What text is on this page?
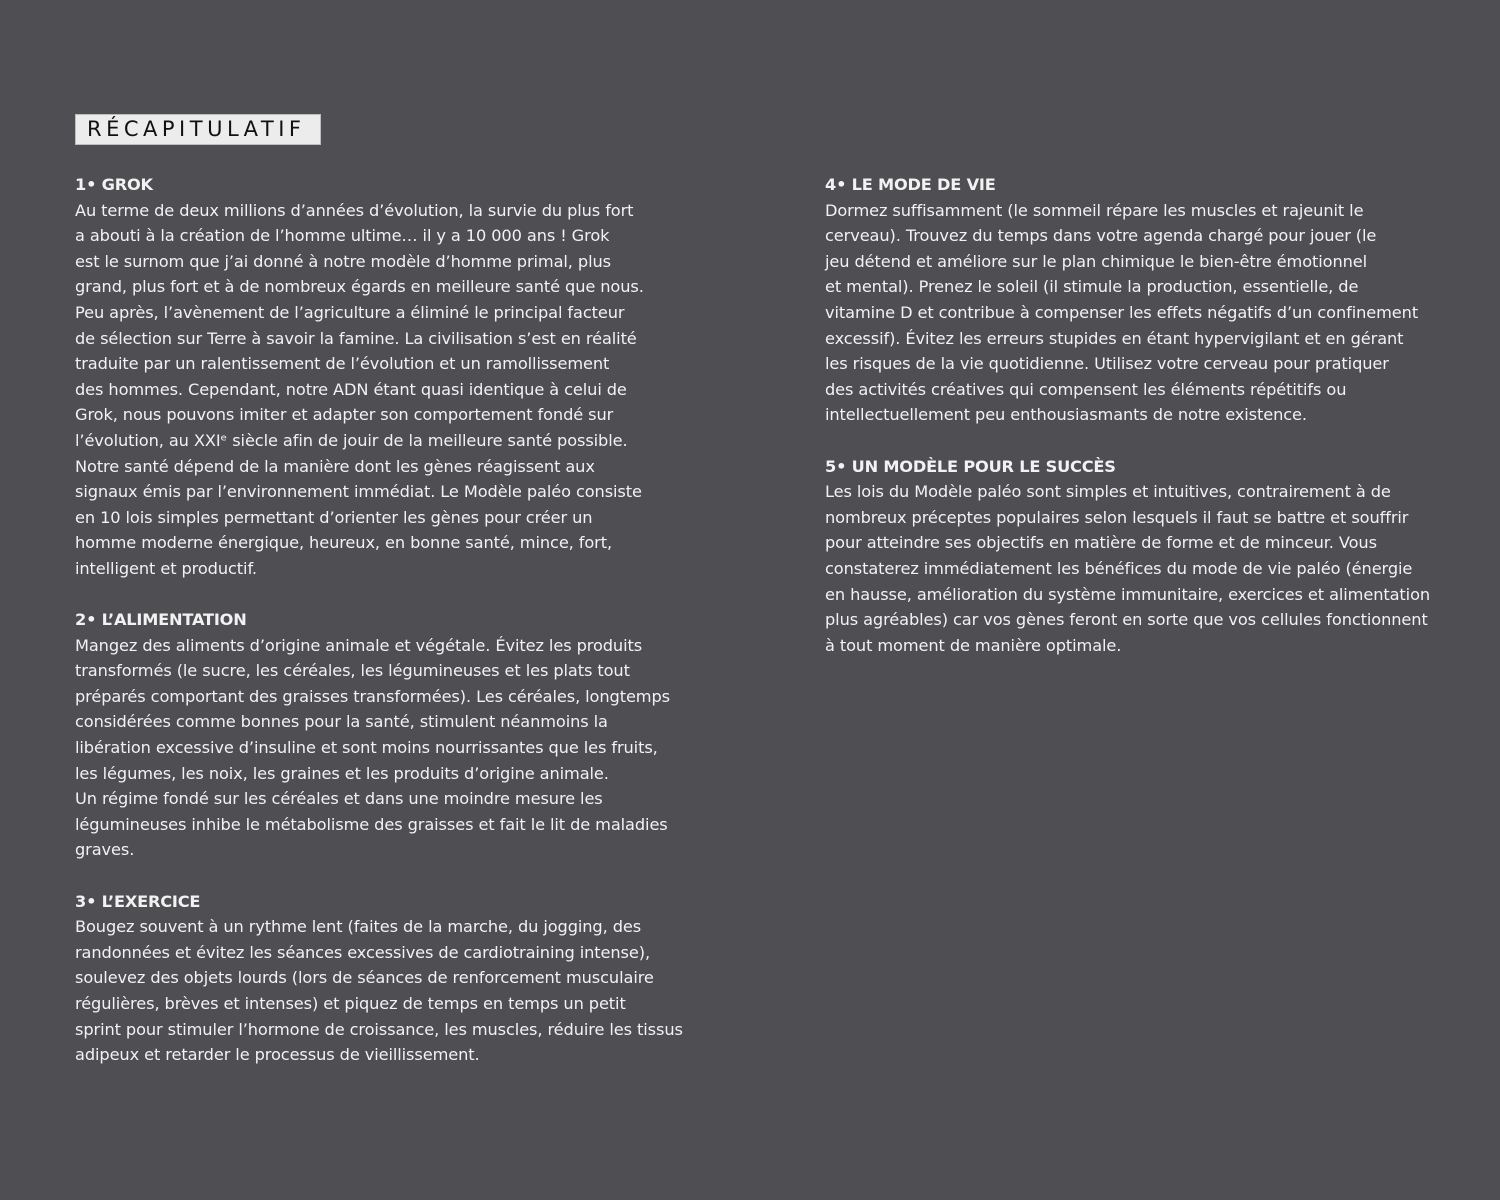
RÉCAPITULATIF
1• GROK

Au terme de deux millions d’années d’évolution, la survie du plus fort

a abouti à la création de l’homme ultime… il y a 10 000 ans ! Grok

est le surnom que j’ai donné à notre modèle d’homme primal, plus

grand, plus fort et à de nombreux égards en meilleure santé que nous.

Peu après, l’avènement de l’agriculture a éliminé le principal facteur

de sélection sur Terre à savoir la famine. La civilisation s’est en réalité

traduite par un ralentissement de l’évolution et un ramollissement

des hommes. Cependant, notre ADN étant quasi identique à celui de

Grok, nous pouvons imiter et adapter son comportement fondé sur

l’évolution, au XXIᵉ siècle afin de jouir de la meilleure santé possible.

Notre santé dépend de la manière dont les gènes réagissent aux

signaux émis par l’environnement immédiat. Le Modèle paléo consiste

en 10 lois simples permettant d’orienter les gènes pour créer un

homme moderne énergique, heureux, en bonne santé, mince, fort,

intelligent et productif.

2• L’ALIMENTATION

Mangez des aliments d’origine animale et végétale. Évitez les produits

transformés (le sucre, les céréales, les légumineuses et les plats tout

préparés comportant des graisses transformées). Les céréales, longtemps

considérées comme bonnes pour la santé, stimulent néanmoins la

libération excessive d’insuline et sont moins nourrissantes que les fruits,

les légumes, les noix, les graines et les produits d’origine animale.

Un régime fondé sur les céréales et dans une moindre mesure les

légumineuses inhibe le métabolisme des graisses et fait le lit de maladies

graves.

3• L’EXERCICE

Bougez souvent à un rythme lent (faites de la marche, du jogging, des

randonnées et évitez les séances excessives de cardiotraining intense),

soulevez des objets lourds (lors de séances de renforcement musculaire

régulières, brèves et intenses) et piquez de temps en temps un petit

sprint pour stimuler l’hormone de croissance, les muscles, réduire les tissus

adipeux et retarder le processus de vieillissement.

4• LE MODE DE VIE

Dormez suffisamment (le sommeil répare les muscles et rajeunit le

cerveau). Trouvez du temps dans votre agenda chargé pour jouer (le

jeu détend et améliore sur le plan chimique le bien-être émotionnel

et mental). Prenez le soleil (il stimule la production, essentielle, de

vitamine D et contribue à compenser les effets négatifs d’un confinement

excessif). Évitez les erreurs stupides en étant hypervigilant et en gérant

les risques de la vie quotidienne. Utilisez votre cerveau pour pratiquer

des activités créatives qui compensent les éléments répétitifs ou

intellectuellement peu enthousiasmants de notre existence.

5• UN MODÈLE POUR LE SUCCÈS

Les lois du Modèle paléo sont simples et intuitives, contrairement à de

nombreux préceptes populaires selon lesquels il faut se battre et souffrir

pour atteindre ses objectifs en matière de forme et de minceur. Vous

constaterez immédiatement les bénéfices du mode de vie paléo (énergie

en hausse, amélioration du système immunitaire, exercices et alimentation

plus agréables) car vos gènes feront en sorte que vos cellules fonctionnent

à tout moment de manière optimale.
